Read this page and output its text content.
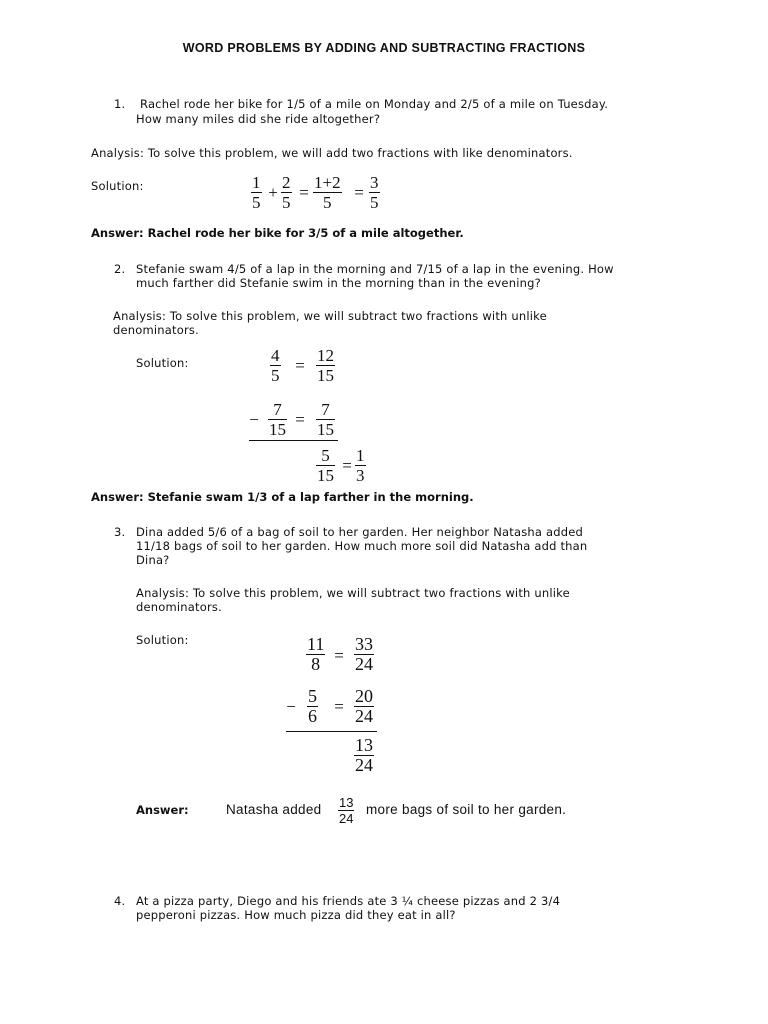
WORD PROBLEMS BY ADDING AND SUBTRACTING FRACTIONS
1. Rachel rode her bike for 1/5 of a mile on Monday and 2/5 of a mile on Tuesday.
How many miles did she ride altogether?
Analysis: To solve this problem, we will add two fractions with like denominators.
Solution:	1
5
+
2
5
=
1+2
5
=
3
5
Answer: Rachel rode her bike for 3/5 of a mile altogether.
2. Stefanie swam 4/5 of a lap in the morning and 7/15 of a lap in the evening. How
much farther did Stefanie swim in the morning than in the evening?
Analysis: To solve this problem, we will subtract two fractions with unlike
denominators.
Solution:	4
5
=
12
15
−
7
15
=
7
15
5
15
=
1
3
Answer: Stefanie swam 1/3 of a lap farther in the morning.
3. Dina added 5/6 of a bag of soil to her garden. Her neighbor Natasha added
11/18 bags of soil to her garden. How much more soil did Natasha add than
Dina?
Analysis: To solve this problem, we will subtract two fractions with unlike
denominators.
Solution:	11
8 =
33
24
−
5
6 =
20
24
13
24
Answer:	Natasha added 13
24
more bags of soil to her garden.
4. At a pizza party, Diego and his friends ate 3 ¼ cheese pizzas and 2 3/4
pepperoni pizzas. How much pizza did they eat in all?
